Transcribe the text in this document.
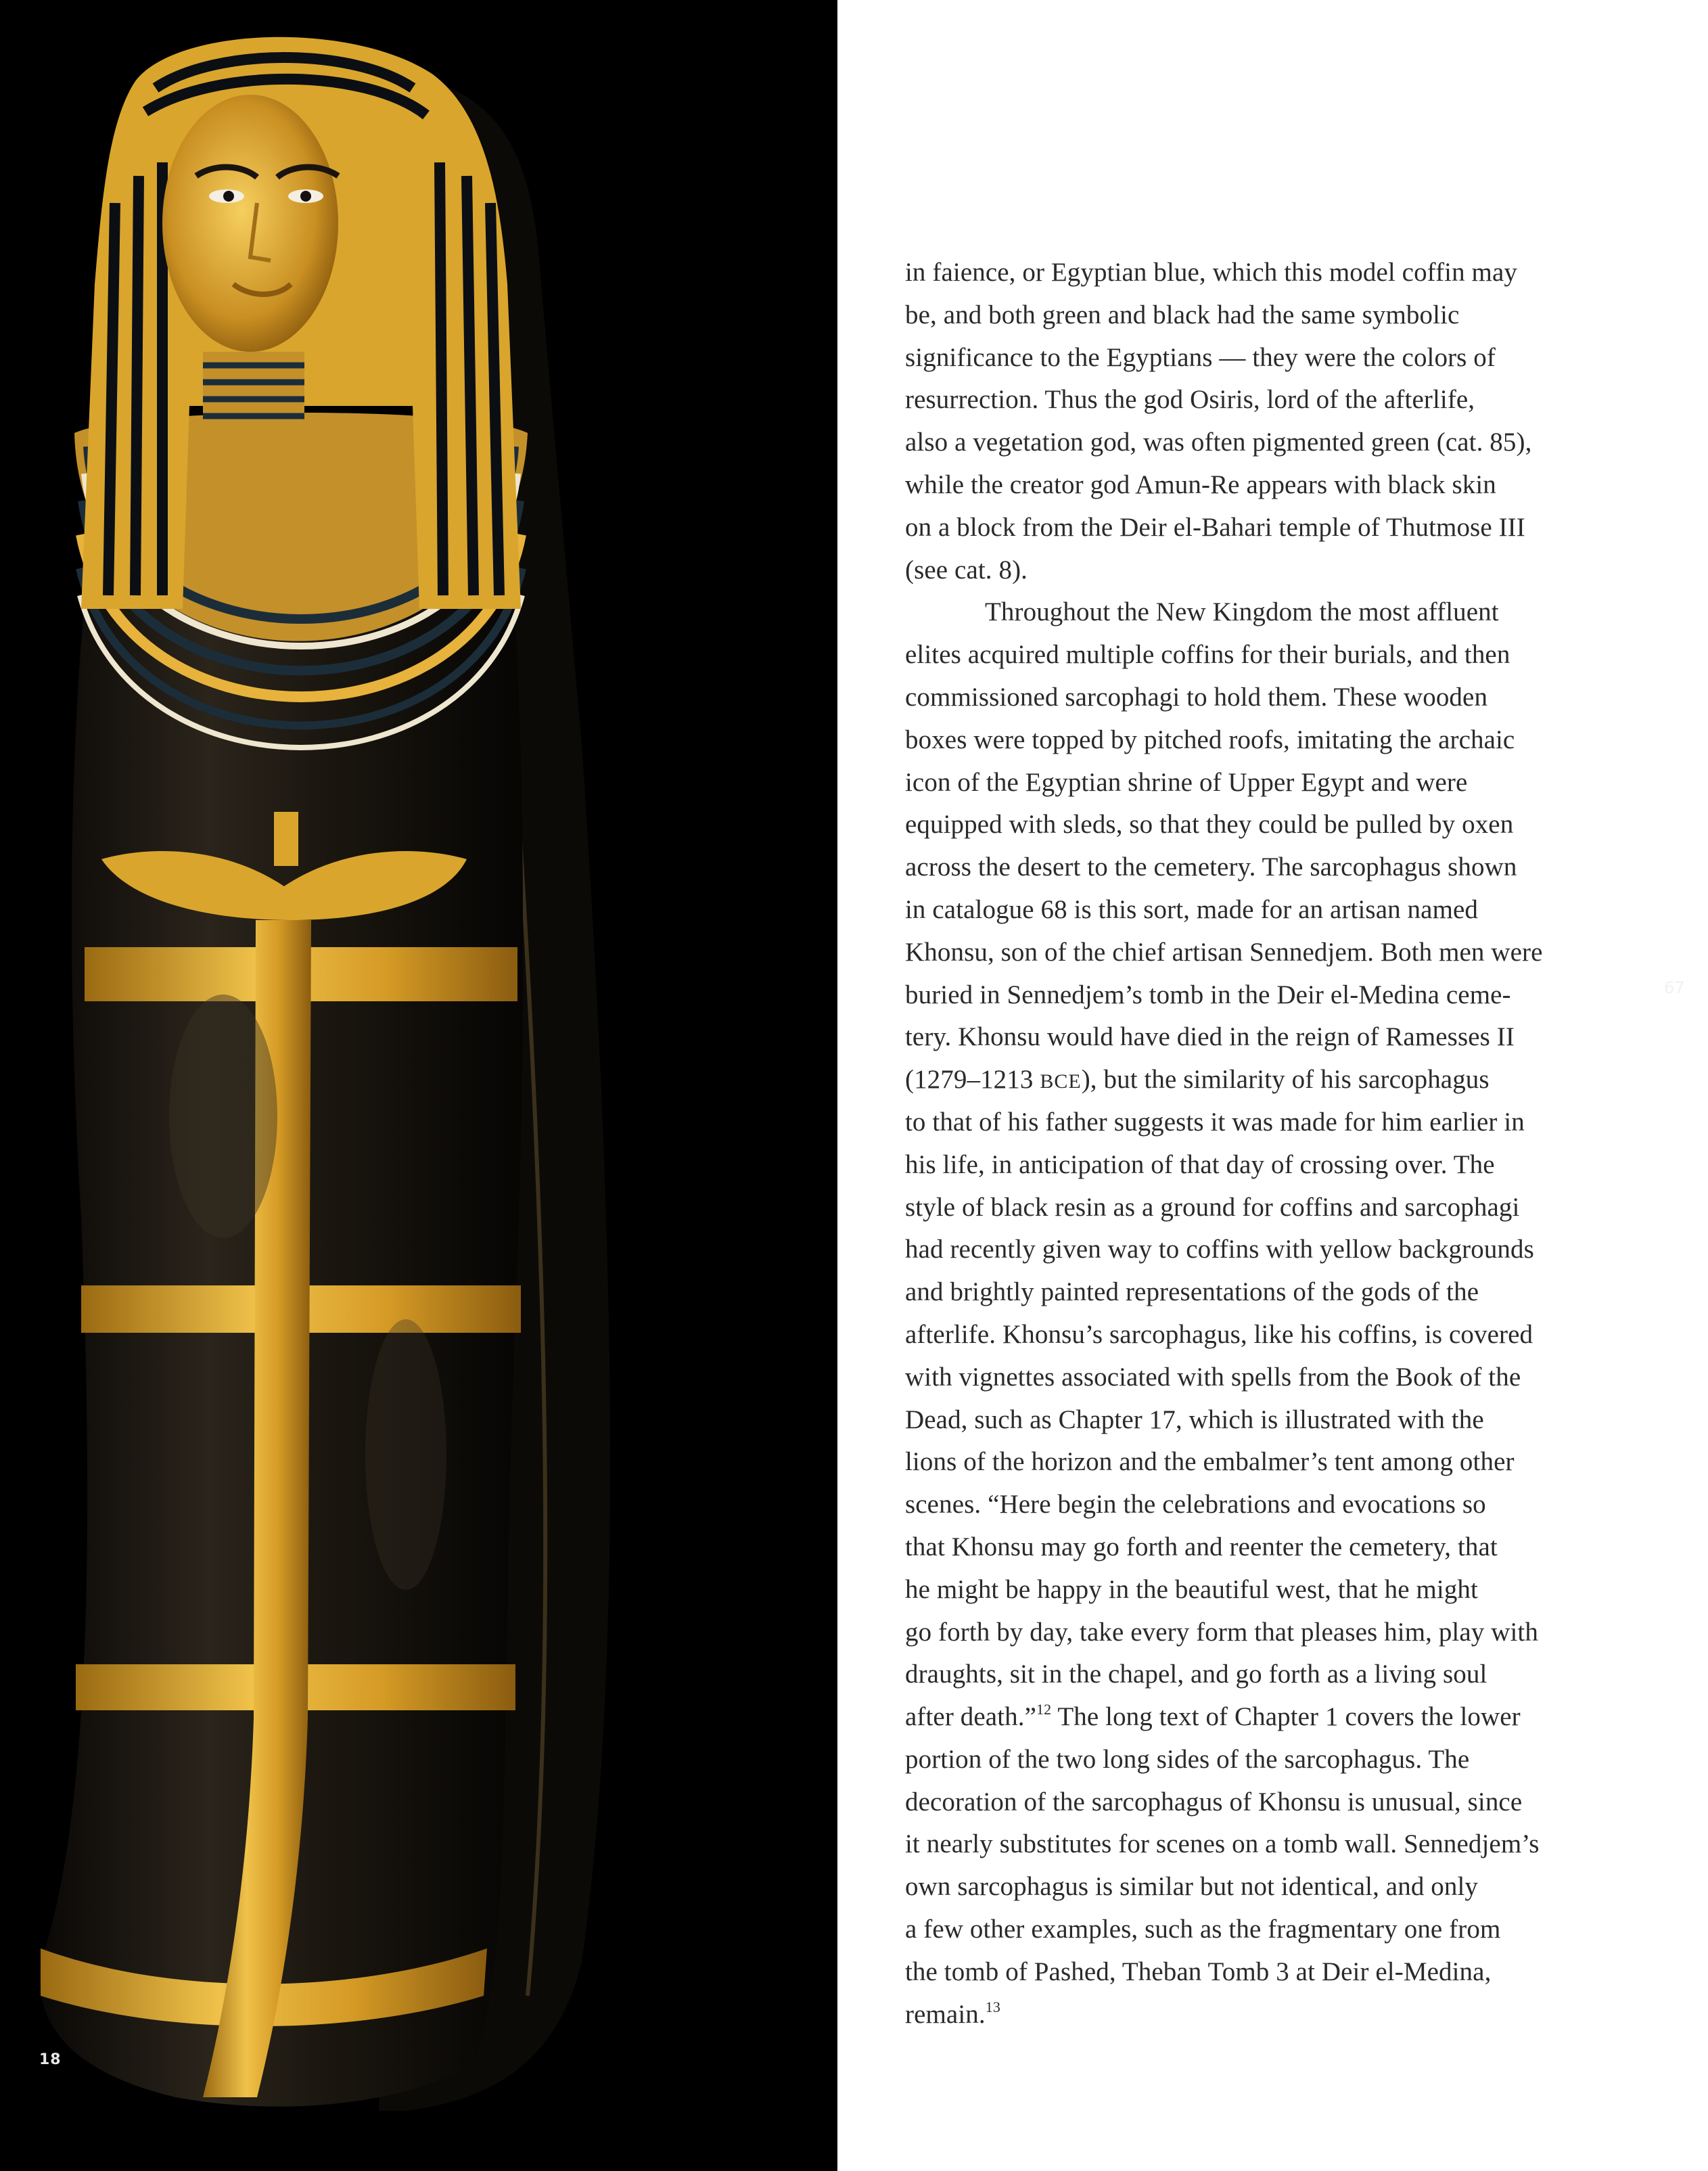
18
67
in faience, or Egyptian blue, which this model coffin may
be, and both green and black had the same symbolic
significance to the Egyptians — they were the colors of
resurrection. Thus the god Osiris, lord of the afterlife,
also a vegetation god, was often pigmented green (cat. 85),
while the creator god Amun-Re appears with black skin
on a block from the Deir el-Bahari temple of Thutmose III
(see cat. 8).
Throughout the New Kingdom the most affluent
elites acquired multiple coffins for their burials, and then
commissioned sarcophagi to hold them. These wooden
boxes were topped by pitched roofs, imitating the archaic
icon of the Egyptian shrine of Upper Egypt and were
equipped with sleds, so that they could be pulled by oxen
across the desert to the cemetery. The sarcophagus shown
in catalogue 68 is this sort, made for an artisan named
Khonsu, son of the chief artisan Sennedjem. Both men were
buried in Sennedjem’s tomb in the Deir el-Medina ceme-
tery. Khonsu would have died in the reign of Ramesses II
(1279–1213 BCE), but the similarity of his sarcophagus
to that of his father suggests it was made for him earlier in
his life, in anticipation of that day of crossing over. The
style of black resin as a ground for coffins and sarcophagi
had recently given way to coffins with yellow backgrounds
and brightly painted representations of the gods of the
afterlife. Khonsu’s sarcophagus, like his coffins, is covered
with vignettes associated with spells from the Book of the
Dead, such as Chapter 17, which is illustrated with the
lions of the horizon and the embalmer’s tent among other
scenes. “Here begin the celebrations and evocations so
that Khonsu may go forth and reenter the cemetery, that
he might be happy in the beautiful west, that he might
go forth by day, take every form that pleases him, play with
draughts, sit in the chapel, and go forth as a living soul
after death.”$^{12}$ The long text of Chapter 1 covers the lower
portion of the two long sides of the sarcophagus. The
decoration of the sarcophagus of Khonsu is unusual, since
it nearly substitutes for scenes on a tomb wall. Sennedjem’s
own sarcophagus is similar but not identical, and only
a few other examples, such as the fragmentary one from
the tomb of Pashed, Theban Tomb 3 at Deir el-Medina,
remain.$^{13}$
